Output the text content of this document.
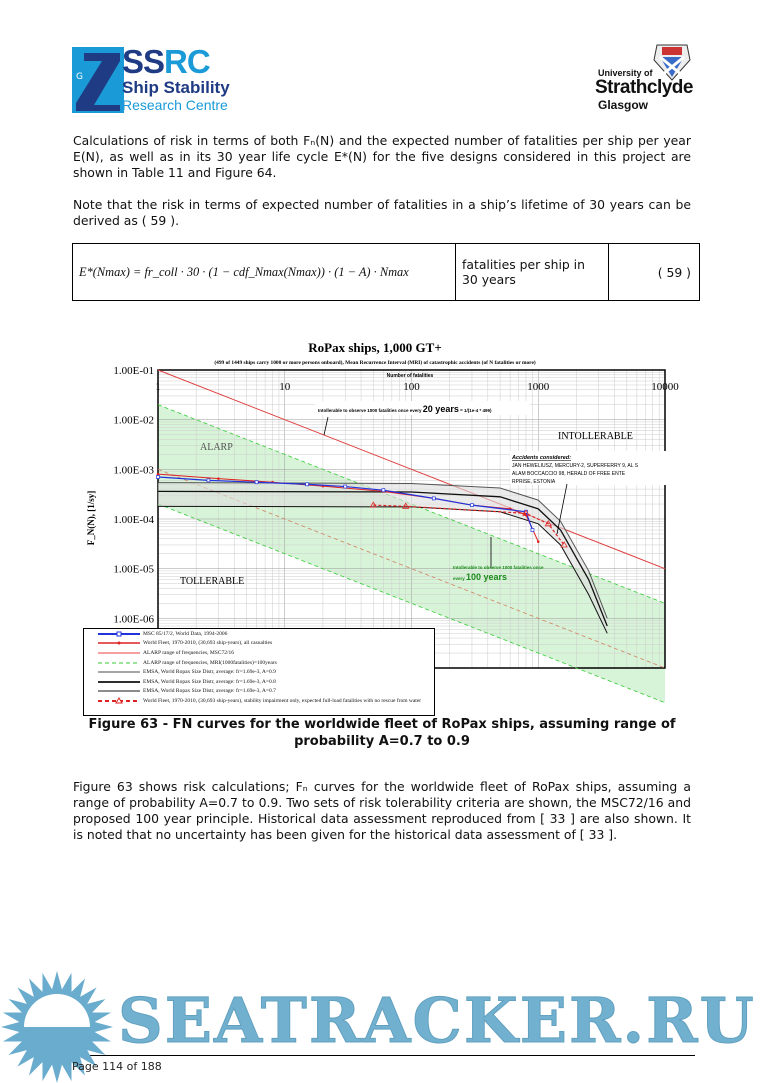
G SSRC
Ship Stability
Research Centre
University of
Strathclyde
Glasgow
Calculations of risk in terms of both Fₙ(N) and the expected number of fatalities per ship per year E(N), as well as in its 30 year life cycle E*(N) for the five designs considered in this project are shown in Table 11 and Figure 64.
Note that the risk in terms of expected number of fatalities in a ship’s lifetime of 30 years can be derived as ( 59 ).
E*(Nmax) = fr_coll · 30 · (1 − cdf_Nmax(Nmax)) · (1 − A) · Nmax	fatalities per ship in 30 years	( 59 )
RoPax ships, 1,000 GT+
(499 of 1449 ships carry 1000 or more persons onboard), Mean Recurrence Interval (MRI) of catastrophic accidents (of N fatalities or more)
1	10	100	1000	10000
1.00E-01
1.00E-02
1.00E-03
1.00E-04
1.00E-05
1.00E-06
Number of fatalities
F_N(N), [1/sy]
ALARP
INTOLLERABLE
TOLLERABLE
Intollerable to observe 1000 fatalities once every 20 years = 1/(1e-4 * 499)
Accidents considered:
JAN HEWELIUSZ, MERCURY-2, SUPERFERRY 9, AL S
ALAM BOCCACCIO 98, HERALD OF FREE ENTE
RPRISE, ESTONIA
Intollerable to observe 1000 fatalities once
every 100 years
MSC 85/17/2, World Data, 1994-2006
World Fleet, 1970-2010, (30,693 ship-years), all casualties
ALARP range of frequencies, MSC72/16
ALARP range of frequencies, MRI(1000fatalities)=100years
EMSA, World Ropax Size Distr, average: fr=1.69e-3, A=0.9
EMSA, World Ropax Size Distr, average: fr=1.69e-3, A=0.8
EMSA, World Ropax Size Distr, average: fr=1.69e-3, A=0.7
World Fleet, 1970-2010, (30,693 ship-years), stability impairment only, expected full-load fatalities with no rescue from water
Figure 63 - FN curves for the worldwide fleet of RoPax ships, assuming range of probability A=0.7 to 0.9
Figure 63 shows risk calculations; Fₙ curves for the worldwide fleet of RoPax ships, assuming a range of probability A=0.7 to 0.9. Two sets of risk tolerability criteria are shown, the MSC72/16 and proposed 100 year principle. Historical data assessment reproduced from [ 33 ] are also shown. It is noted that no uncertainty has been given for the historical data assessment of [ 33 ].
SEATRACKER.RU
Page 114 of 188
